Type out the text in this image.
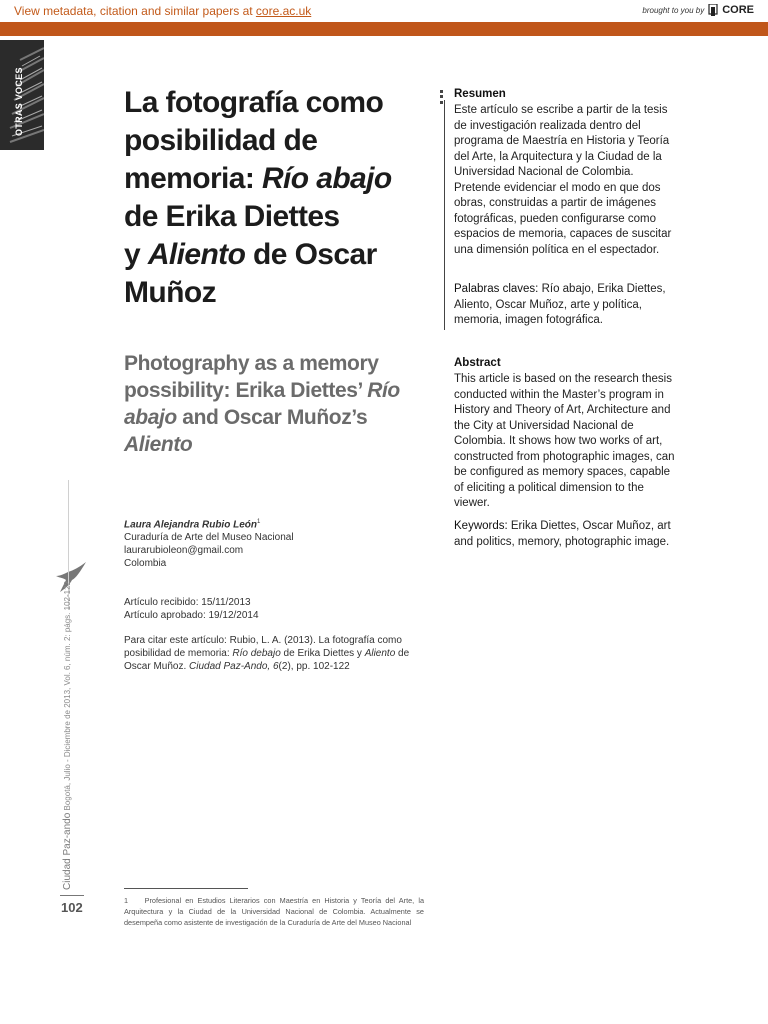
View metadata, citation and similar papers at core.ac.uk	brought to you by CORE
provided by Universidad Distrital de la ciudad de Bogotá: Open Journal Systems
OTRAS VOCES
Ciudad Paz-ando Bogotá, Julio - Diciembre de 2013, Vol. 6, núm. 2: págs. 102-122
102
La fotografía como
posibilidad de
memoria: Río abajo
de Erika Diettes
y Aliento de Oscar
Muñoz
Photography as a memory
possibility: Erika Diettes’ Río
abajo and Oscar Muñoz’s
Aliento
Laura Alejandra Rubio León$^1$
Curaduría de Arte del Museo Nacional
laurarubioleon@gmail.com
Colombia
Artículo recibido: 15/11/2013
Artículo aprobado: 19/12/2014
Para citar este artículo: Rubio, L. A. (2013). La fotografía como posibilidad de memoria: Río debajo de Erika Diettes y Aliento de Oscar Muñoz. Ciudad Paz-Ando, 6(2), pp. 102-122
1 Profesional en Estudios Literarios con Maestría en Historia y Teoría del Arte, la Arquitectura y la Ciudad de la Universidad Nacional de Colombia. Actualmente se desempeña como asistente de investigación de la Curaduría de Arte del Museo Nacional
Resumen
Este artículo se escribe a partir de la tesis de investigación realizada dentro del programa de Maestría en Historia y Teoría del Arte, la Arquitectura y la Ciudad de la Universidad Nacional de Colombia. Pretende evidenciar el modo en que dos obras, construidas a partir de imágenes fotográficas, pueden configurarse como espacios de memoria, capaces de suscitar una dimensión política en el espectador.
Palabras claves: Río abajo, Erika Diettes, Aliento, Oscar Muñoz, arte y política, memoria, imagen fotográfica.
Abstract
This article is based on the research thesis conducted within the Master’s program in History and Theory of Art, Architecture and the City at Universidad Nacional de Colombia. It shows how two works of art, constructed from photographic images, can be configured as memory spaces, capable of eliciting a political dimension to the viewer.
Keywords: Erika Diettes, Oscar Muñoz, art and politics, memory, photographic image.
